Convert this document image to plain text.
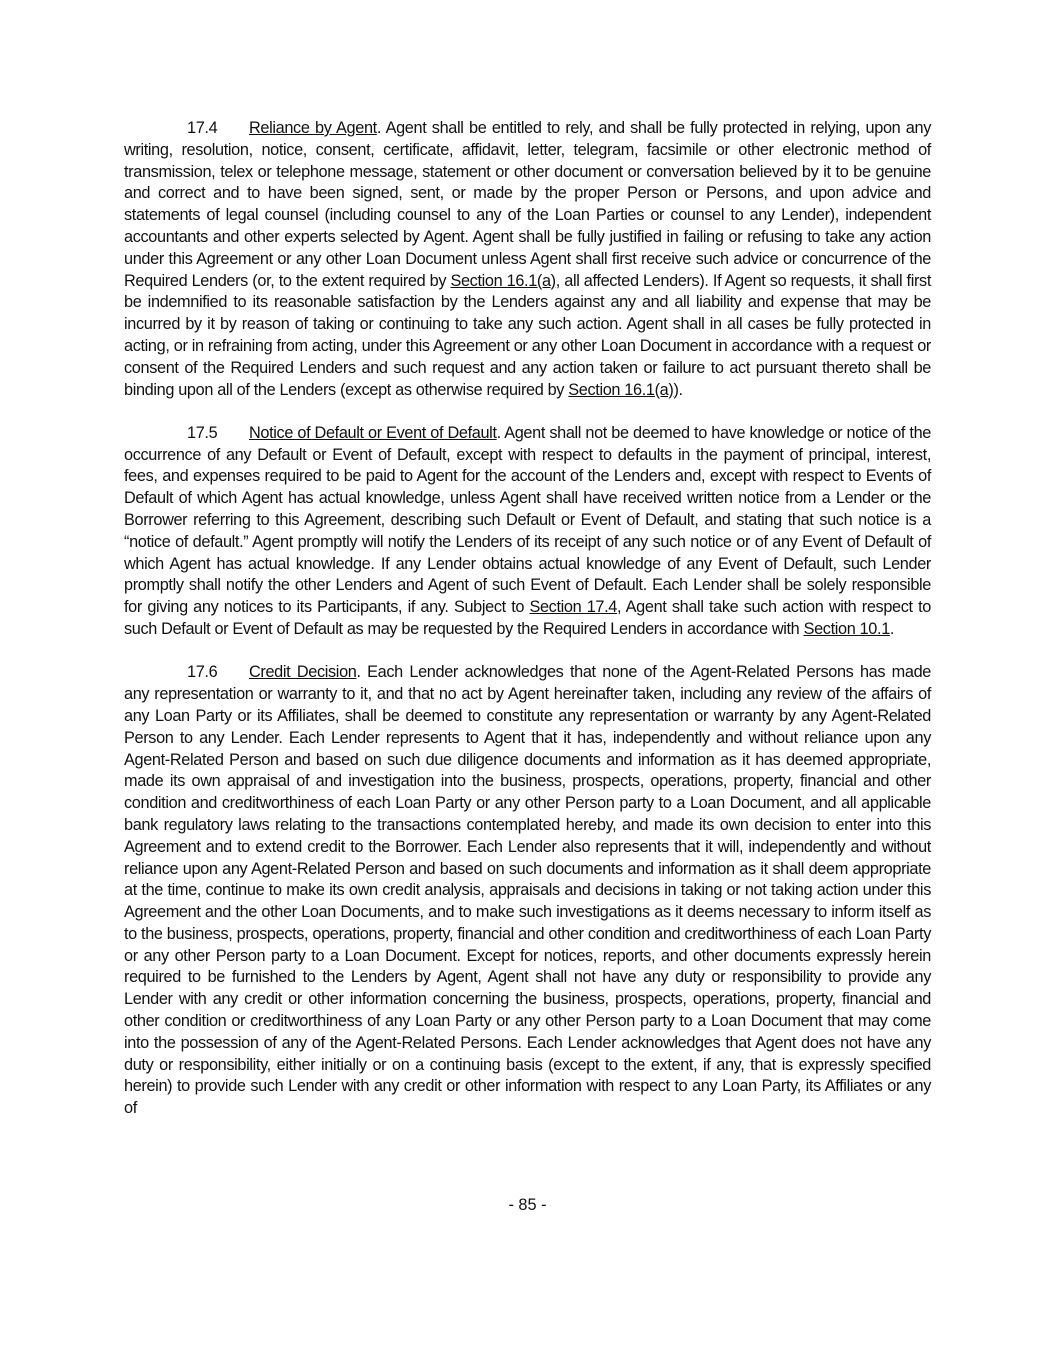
17.4 Reliance by Agent. Agent shall be entitled to rely, and shall be fully protected in relying, upon any writing, resolution, notice, consent, certificate, affidavit, letter, telegram, facsimile or other electronic method of transmission, telex or telephone message, statement or other document or conversation believed by it to be genuine and correct and to have been signed, sent, or made by the proper Person or Persons, and upon advice and statements of legal counsel (including counsel to any of the Loan Parties or counsel to any Lender), independent accountants and other experts selected by Agent. Agent shall be fully justified in failing or refusing to take any action under this Agreement or any other Loan Document unless Agent shall first receive such advice or concurrence of the Required Lenders (or, to the extent required by Section 16.1(a), all affected Lenders). If Agent so requests, it shall first be indemnified to its reasonable satisfaction by the Lenders against any and all liability and expense that may be incurred by it by reason of taking or continuing to take any such action. Agent shall in all cases be fully protected in acting, or in refraining from acting, under this Agreement or any other Loan Document in accordance with a request or consent of the Required Lenders and such request and any action taken or failure to act pursuant thereto shall be binding upon all of the Lenders (except as otherwise required by Section 16.1(a)).

17.5 Notice of Default or Event of Default. Agent shall not be deemed to have knowledge or notice of the occurrence of any Default or Event of Default, except with respect to defaults in the payment of principal, interest, fees, and expenses required to be paid to Agent for the account of the Lenders and, except with respect to Events of Default of which Agent has actual knowledge, unless Agent shall have received written notice from a Lender or the Borrower referring to this Agreement, describing such Default or Event of Default, and stating that such notice is a “notice of default.” Agent promptly will notify the Lenders of its receipt of any such notice or of any Event of Default of which Agent has actual knowledge. If any Lender obtains actual knowledge of any Event of Default, such Lender promptly shall notify the other Lenders and Agent of such Event of Default. Each Lender shall be solely responsible for giving any notices to its Participants, if any. Subject to Section 17.4, Agent shall take such action with respect to such Default or Event of Default as may be requested by the Required Lenders in accordance with Section 10.1.

17.6 Credit Decision. Each Lender acknowledges that none of the Agent-Related Persons has made any representation or warranty to it, and that no act by Agent hereinafter taken, including any review of the affairs of any Loan Party or its Affiliates, shall be deemed to constitute any representation or warranty by any Agent-Related Person to any Lender. Each Lender represents to Agent that it has, independently and without reliance upon any Agent-Related Person and based on such due diligence documents and information as it has deemed appropriate, made its own appraisal of and investigation into the business, prospects, operations, property, financial and other condition and creditworthiness of each Loan Party or any other Person party to a Loan Document, and all applicable bank regulatory laws relating to the transactions contemplated hereby, and made its own decision to enter into this Agreement and to extend credit to the Borrower. Each Lender also represents that it will, independently and without reliance upon any Agent-Related Person and based on such documents and information as it shall deem appropriate at the time, continue to make its own credit analysis, appraisals and decisions in taking or not taking action under this Agreement and the other Loan Documents, and to make such investigations as it deems necessary to inform itself as to the business, prospects, operations, property, financial and other condition and creditworthiness of each Loan Party or any other Person party to a Loan Document. Except for notices, reports, and other documents expressly herein required to be furnished to the Lenders by Agent, Agent shall not have any duty or responsibility to provide any Lender with any credit or other information concerning the business, prospects, operations, property, financial and other condition or creditworthiness of any Loan Party or any other Person party to a Loan Document that may come into the possession of any of the Agent-Related Persons. Each Lender acknowledges that Agent does not have any duty or responsibility, either initially or on a continuing basis (except to the extent, if any, that is expressly specified herein) to provide such Lender with any credit or other information with respect to any Loan Party, its Affiliates or any of

- 85 -
